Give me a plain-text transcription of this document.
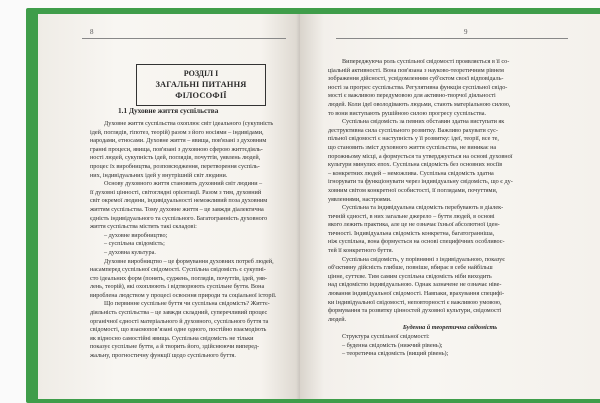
8
РОЗДІЛ І
ЗАГАЛЬНІ ПИТАННЯ ФІЛОСОФІЇ
1.1 Духовне життя суспільства

Духовне життя суспільства охоплює світ ідеального (сукупність

ідей, поглядів, гіпотез, теорій) разом з його носіями – індивідами,

народами, етносами. Духовне життя – явища, пов'язані з духовним

гранні процеси, явища, пов'язані з духовною сферою життєдіяль-

ності людей, сукупність ідей, поглядів, почуттів, уявлень людей,

процес їх виробництва, розповсюдження, перетворення суспіль-

них, індивідуальних ідей у внутрішній світ людини.

Основу духовного життя становить духовний світ людини –

її духовні цінності, світоглядні орієнтації. Разом з тим, духовний

світ окремої людини, індивідуальності неможливий поза духовним

життям суспільства. Тому духовне життя – це завжди діалектична

єдність індивідуального та суспільного. Багатогранність духовного

життя суспільства містить такі складові:

– духовне виробництво;

– суспільна свідомість;

– духовна культура.

Духовне виробництво – це формування духовних потреб людей,

насамперед суспільної свідомості. Суспільна свідомість є сукупні-

сто ідеальних форм (понять, суджень, поглядів, почуттів, ідей, уяв-

лень, теорій), які охоплюють і відтворюють суспільне буття. Вона

вироблена людством у процесі освоєння природи та соціальної історії.

Що первинне суспільне буття чи суспільна свідомість? Життє-

діяльність суспільства – це завжди складний, суперечливий процес

органічної єдності матеріального й духовного, суспільного буття та

свідомості, що взаємоповʼязані одне одного, постійно взаємодіють

як відносно самостійні явища. Суспільна свідомість не тільки

показує суспільне буття, а й творить його, здійснюючи виперед-

жальну, прогностичну функції щодо суспільного буття.

9

Випереджуюча роль суспільної свідомості проявляється в її со-

ціальній активності. Вона пов'язана з науково-теоретичним рівнем

зображення дійсності, усвідомленням суб'єктом своєї відповідаль-

ності за прогрес суспільства. Регулятивна функція суспільної свідо-

мості є важливою передумовою для активно-творчої діяльності

людей. Коли ідеї оволодівають людьми, стають матеріальною силою,

то вони виступають рушійною силою прогресу суспільства.

Суспільна свідомість за певних обставин здатна виступати як

деструктивна сила суспільного розвитку. Важливо рахувати сус-

пільної свідомості є наступність у її розвитку: ідеї, теорії, все те,

що становить зміст духовного життя суспільства, не виникає на

порожньому місці, а формується та утверджується на основі духовної

культури минулих епох. Суспільна свідомість без основних носіїв

– конкретних людей – неможлива. Суспільна свідомість здатна

ігнорувати та функціонувати через індивідуальну свідомість, що є ду-

ховним світом конкретної особистості, її поглядами, почуттями,

уявленнями, настроями.

Суспільна та індивідуальна свідомість перебувають в діалек-

тичній єдності, в них загальне джерело – буття людей, в основі

якого лежить практика, але це не означає їхньої абсолютної іден-

тичності. Індивідуальна свідомість конкретна, багатогранніша,

ніж суспільна, вона формується на основі специфічних особливос-

тей її конкретного буття.

Суспільна свідомість, у порівнянні з індивідуальною, показує

об'єктивну дійсність глибше, повніше, вбирає в себе найбільш

цінне, суттєве. Тим самим суспільна свідомість ніби виходить

над свідомістю індивідуальною. Однак зазначене не означає ніве-

лювання індивідуальної свідомості. Навпаки, врахування специфі-

ки індивідуальної свідомості, неповторності є важливою умовою,

формування та розвитку цінностей духовної культури, свідомості

людей.

Буденна й теоретична свідомість

Структура суспільної свідомості:

– буденна свідомість (нижчий рівень);

– теоретична свідомість (вищий рівень);
